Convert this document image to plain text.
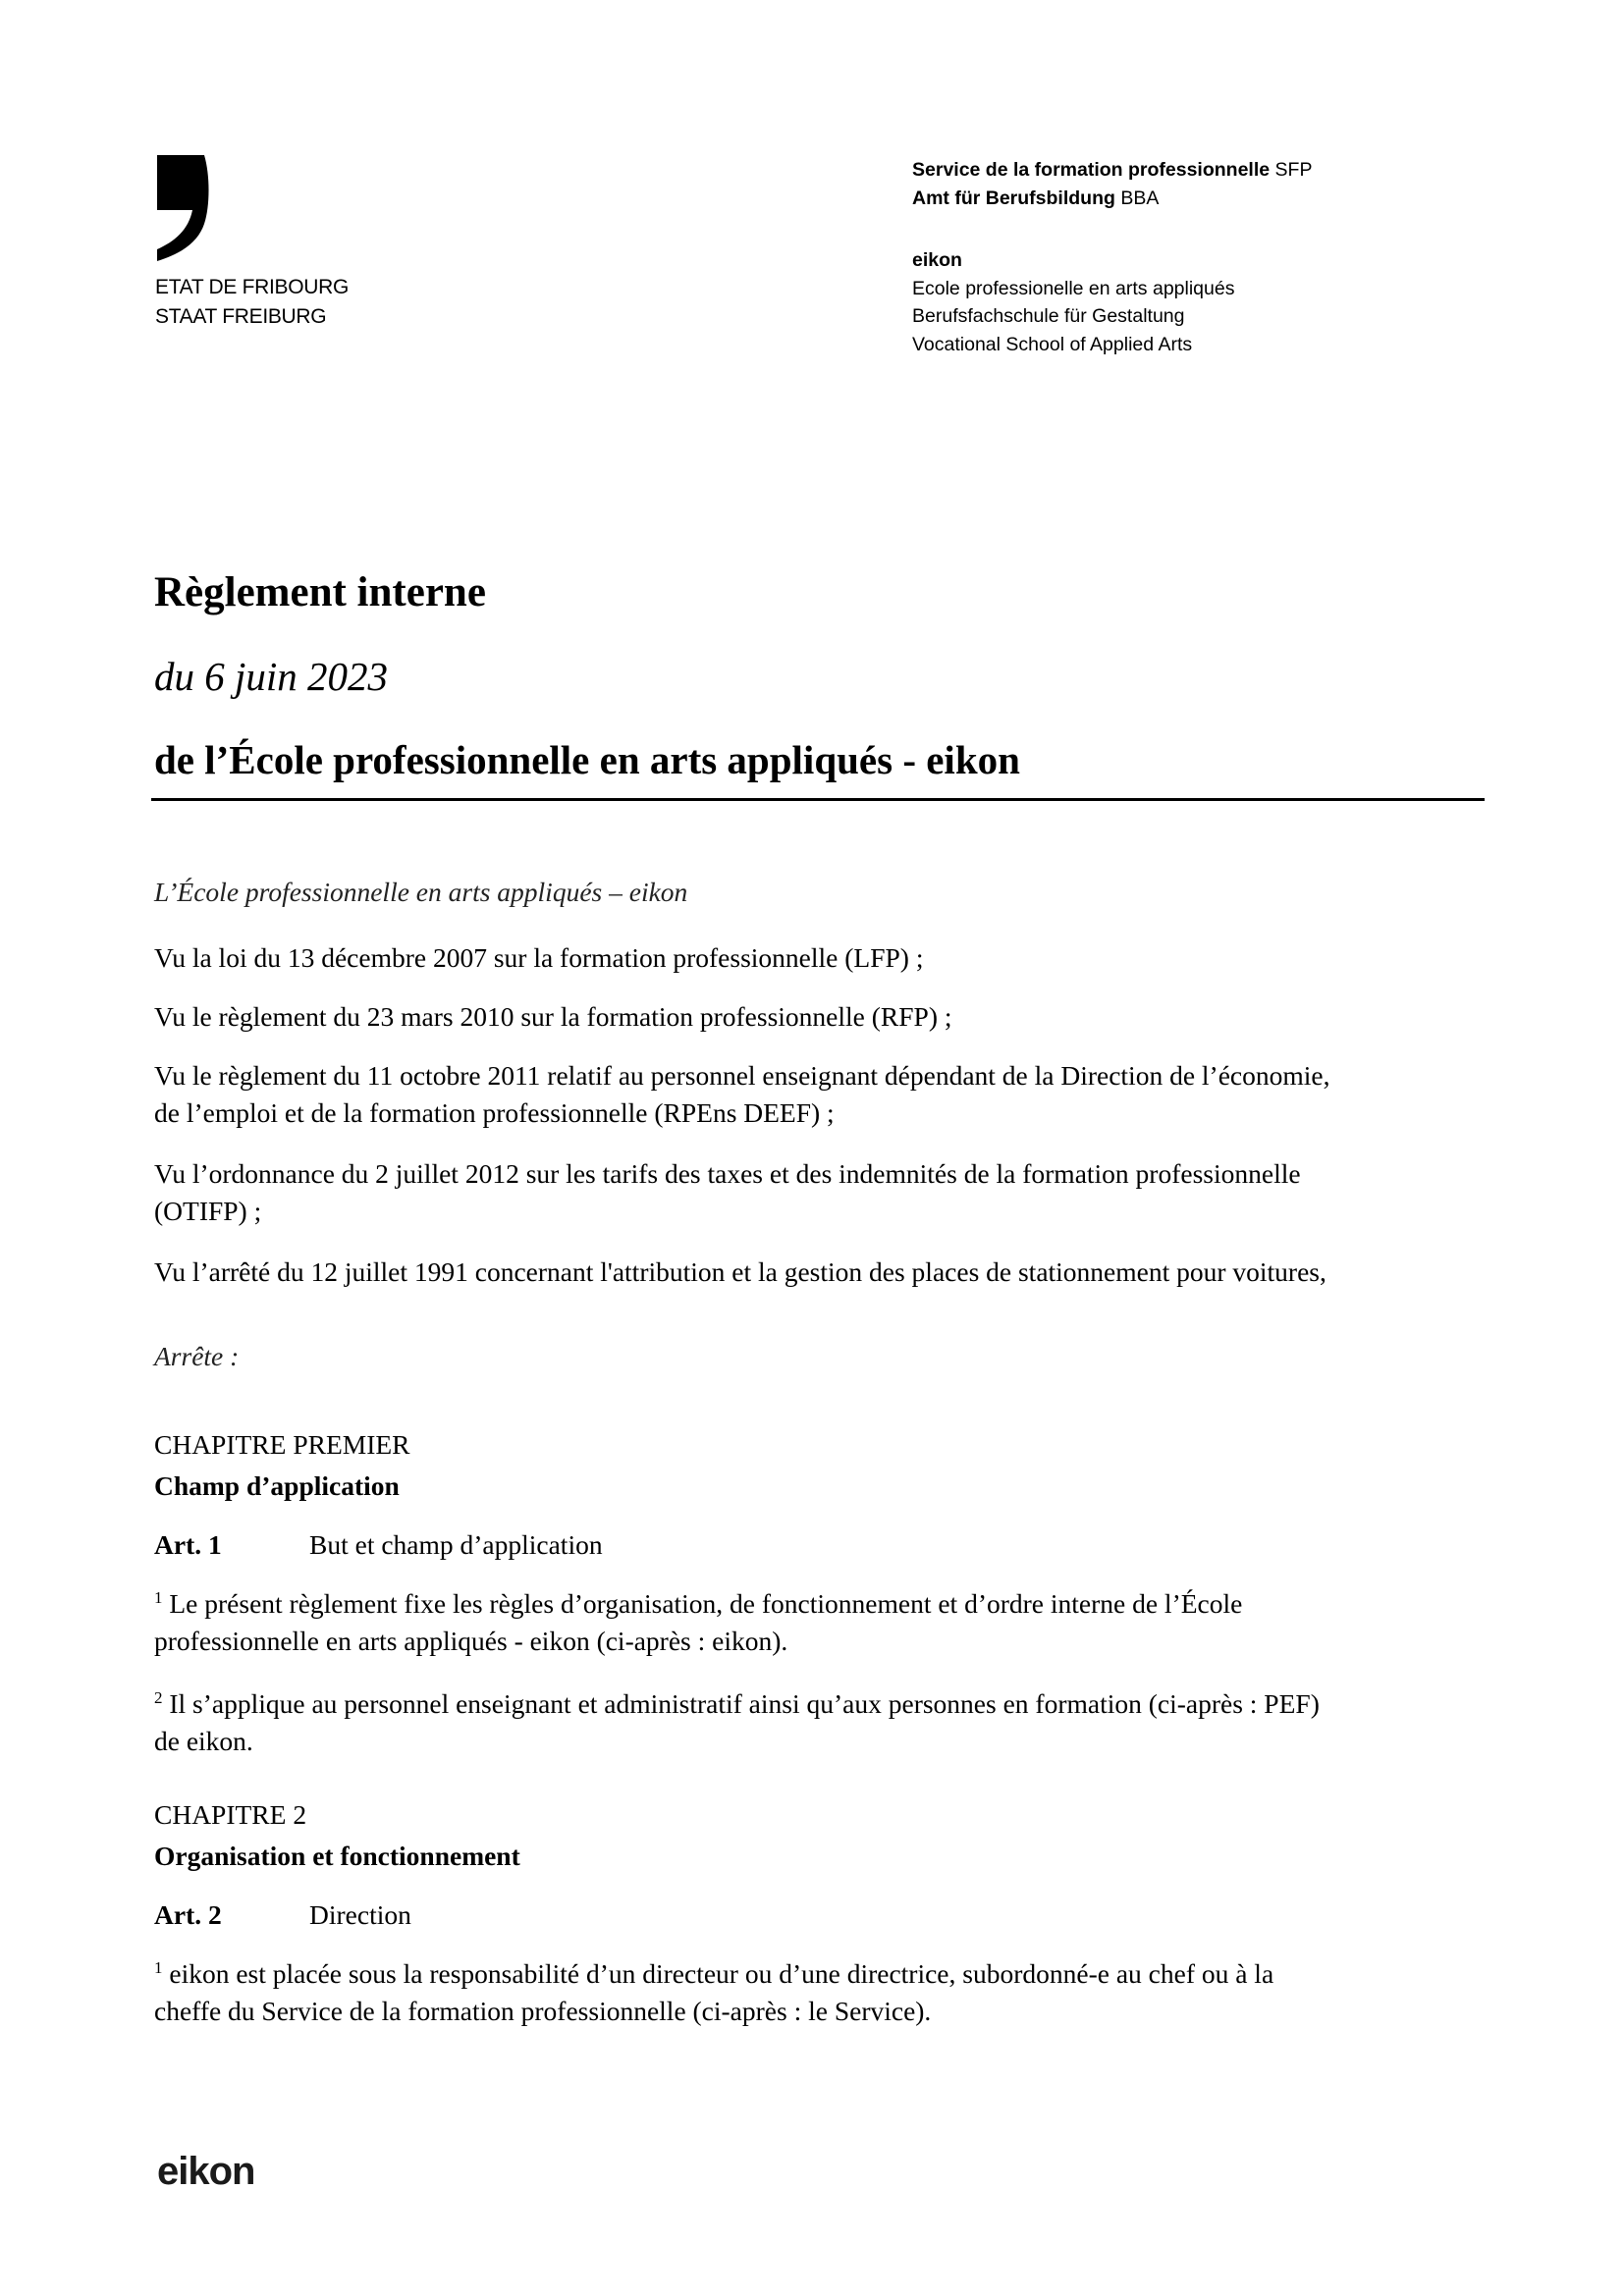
ETAT DE FRIBOURG
STAAT FREIBURG
Service de la formation professionnelle SFP
Amt für Berufsbildung BBA
eikon
Ecole professionelle en arts appliqués
Berufsfachschule für Gestaltung
Vocational School of Applied Arts
Règlement interne
du 6 juin 2023
de l’École professionnelle en arts appliqués - eikon
L’École professionnelle en arts appliqués – eikon
Vu la loi du 13 décembre 2007 sur la formation professionnelle (LFP) ;
Vu le règlement du 23 mars 2010 sur la formation professionnelle (RFP) ;
Vu le règlement du 11 octobre 2011 relatif au personnel enseignant dépendant de la Direction de l’économie,
de l’emploi et de la formation professionnelle (RPEns DEEF) ;
Vu l’ordonnance du 2 juillet 2012 sur les tarifs des taxes et des indemnités de la formation professionnelle
(OTIFP) ;
Vu l’arrêté du 12 juillet 1991 concernant l'attribution et la gestion des places de stationnement pour voitures,
Arrête :
CHAPITRE PREMIER
Champ d’application
Art. 1	But et champ d’application
$^1$ Le présent règlement fixe les règles d’organisation, de fonctionnement et d’ordre interne de l’École
professionnelle en arts appliqués - eikon (ci-après : eikon).
$^2$ Il s’applique au personnel enseignant et administratif ainsi qu’aux personnes en formation (ci-après : PEF)
de eikon.
CHAPITRE 2
Organisation et fonctionnement
Art. 2	Direction
$^1$ eikon est placée sous la responsabilité d’un directeur ou d’une directrice, subordonné-e au chef ou à la
cheffe du Service de la formation professionnelle (ci-après : le Service).
eikon
